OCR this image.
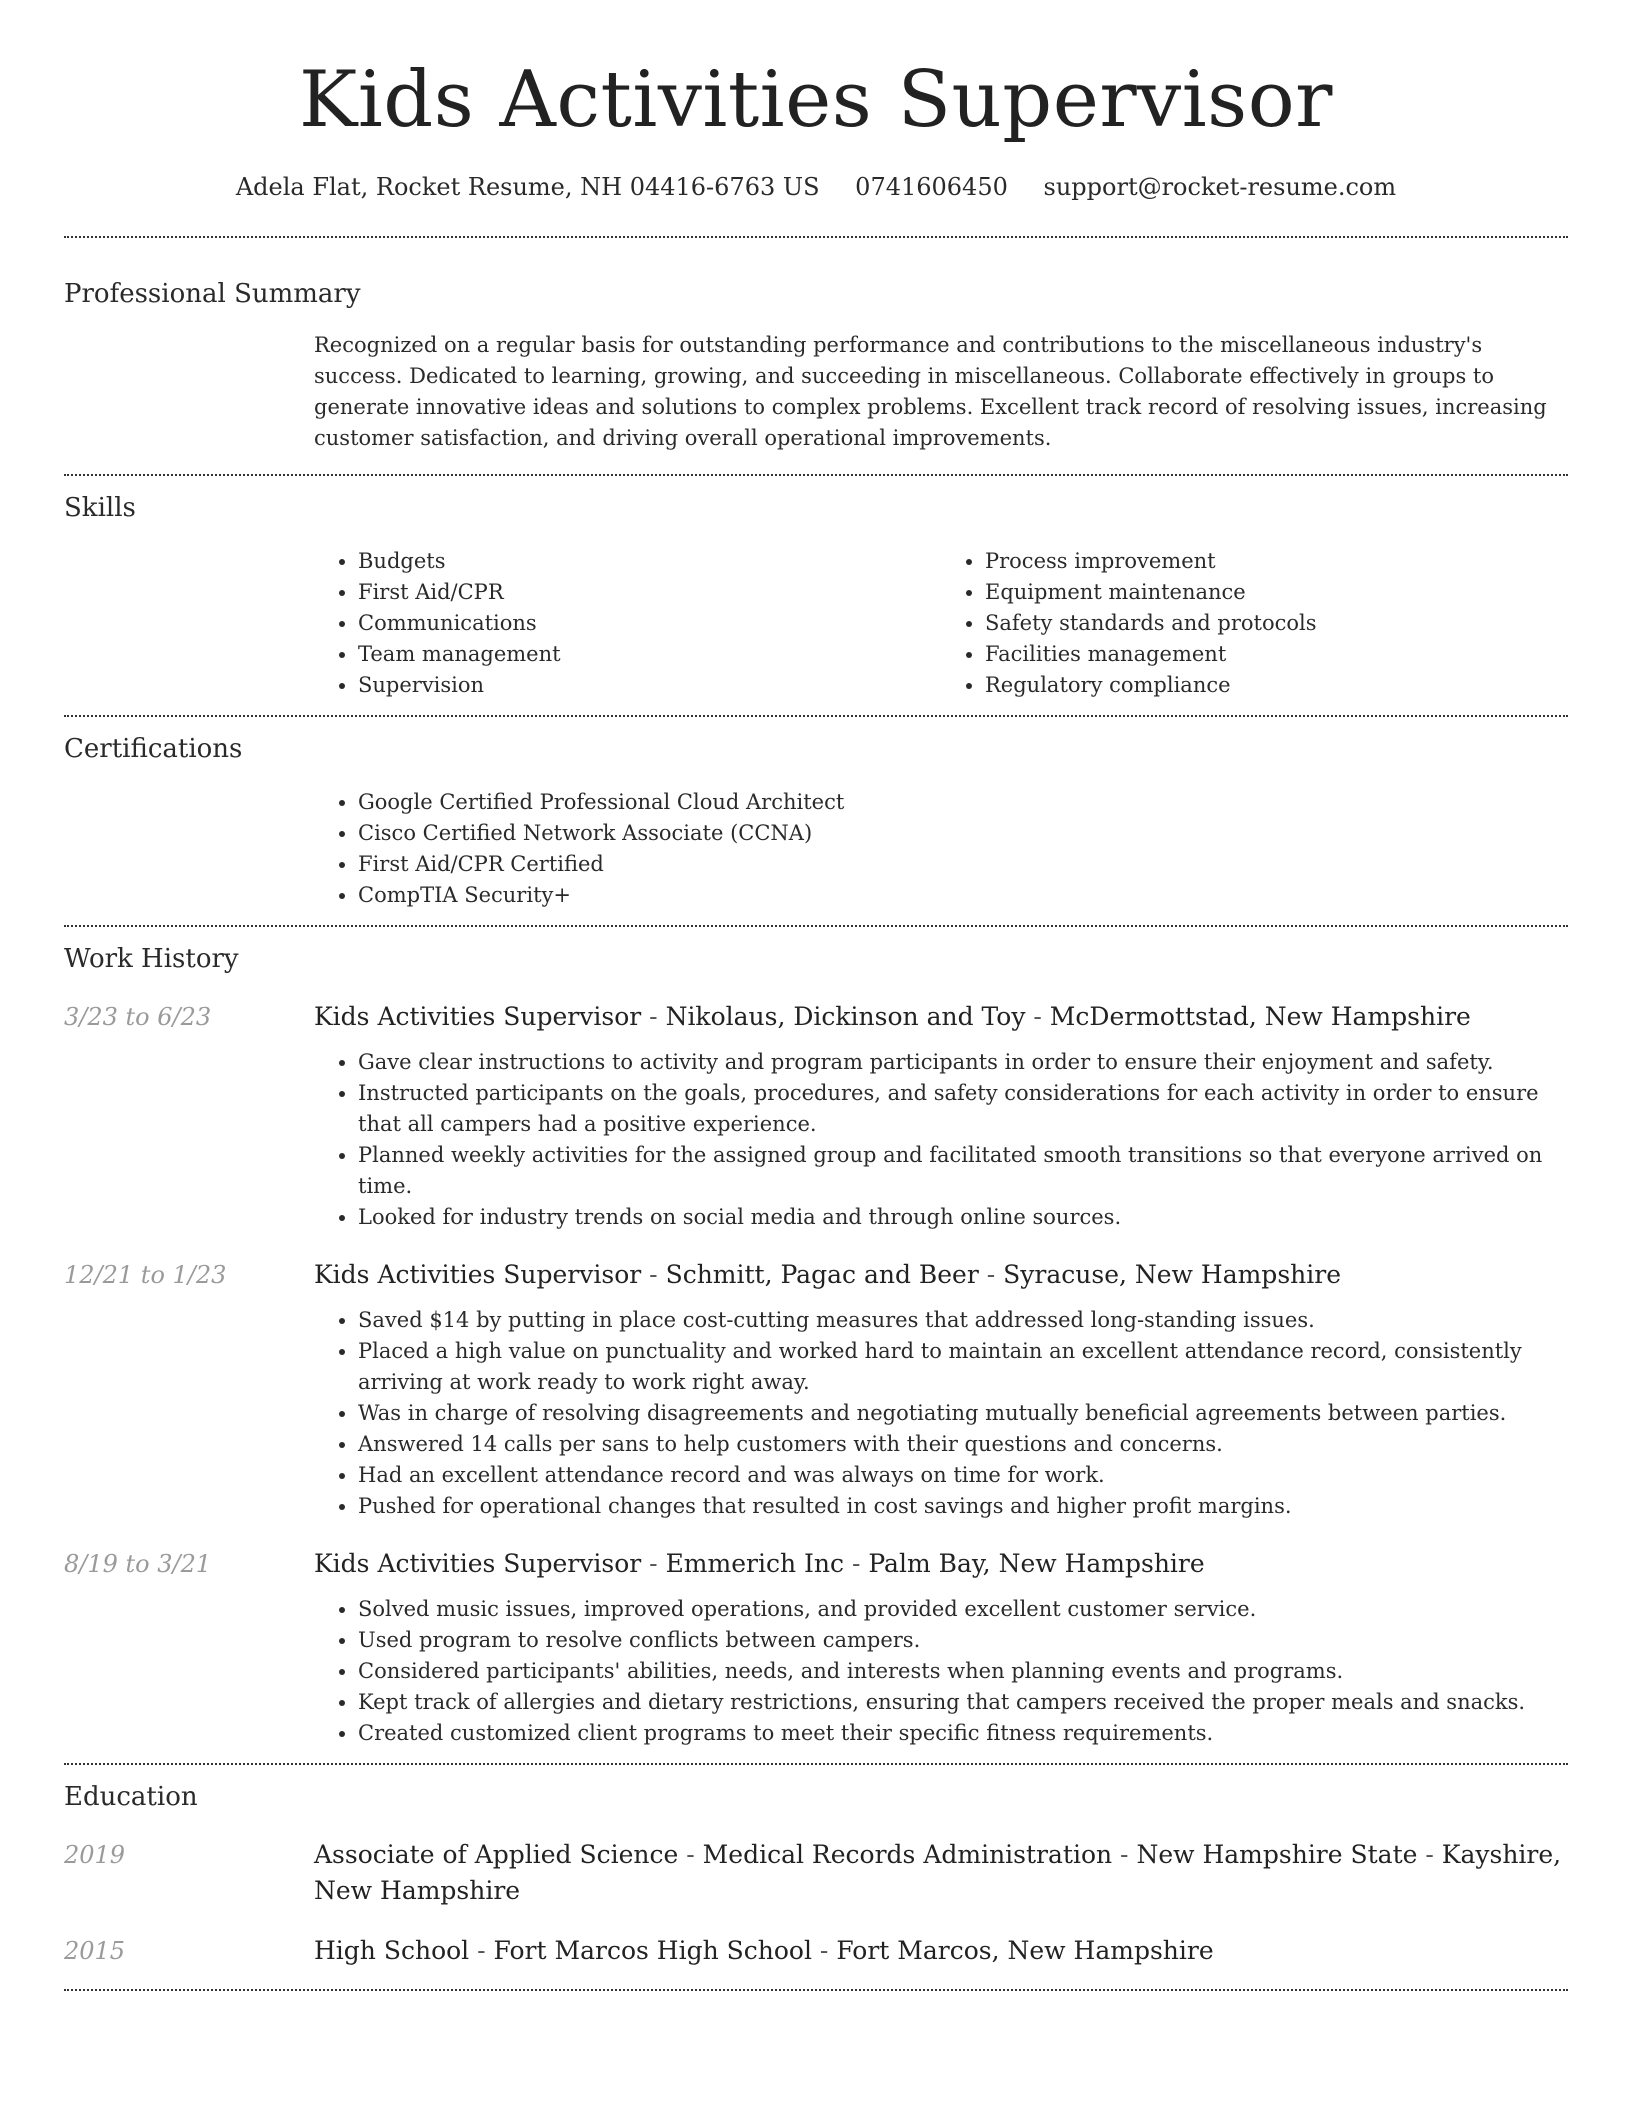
Kids Activities Supervisor
Adela Flat, Rocket Resume, NH 04416-6763 US 0741606450 support@rocket-resume.com
Professional Summary
Recognized on a regular basis for outstanding performance and contributions to the miscellaneous industry's success. Dedicated to learning, growing, and succeeding in miscellaneous. Collaborate effectively in groups to generate innovative ideas and solutions to complex problems. Excellent track record of resolving issues, increasing customer satisfaction, and driving overall operational improvements.
Skills
• Budgets
• First Aid/CPR
• Communications
• Team management
• Supervision
• Process improvement
• Equipment maintenance
• Safety standards and protocols
• Facilities management
• Regulatory compliance
Certifications
• Google Certified Professional Cloud Architect
• Cisco Certified Network Associate (CCNA)
• First Aid/CPR Certified
• CompTIA Security+
Work History
3/23 to 6/23	Kids Activities Supervisor - Nikolaus, Dickinson and Toy - McDermottstad, New Hampshire
• Gave clear instructions to activity and program participants in order to ensure their enjoyment and safety.
• Instructed participants on the goals, procedures, and safety considerations for each activity in order to ensure that all campers had a positive experience.
• Planned weekly activities for the assigned group and facilitated smooth transitions so that everyone arrived on time.
• Looked for industry trends on social media and through online sources.
12/21 to 1/23	Kids Activities Supervisor - Schmitt, Pagac and Beer - Syracuse, New Hampshire
• Saved $14 by putting in place cost-cutting measures that addressed long-standing issues.
• Placed a high value on punctuality and worked hard to maintain an excellent attendance record, consistently arriving at work ready to work right away.
• Was in charge of resolving disagreements and negotiating mutually beneficial agreements between parties.
• Answered 14 calls per sans to help customers with their questions and concerns.
• Had an excellent attendance record and was always on time for work.
• Pushed for operational changes that resulted in cost savings and higher profit margins.
8/19 to 3/21	Kids Activities Supervisor - Emmerich Inc - Palm Bay, New Hampshire
• Solved music issues, improved operations, and provided excellent customer service.
• Used program to resolve conflicts between campers.
• Considered participants' abilities, needs, and interests when planning events and programs.
• Kept track of allergies and dietary restrictions, ensuring that campers received the proper meals and snacks.
• Created customized client programs to meet their specific fitness requirements.
Education
2019	Associate of Applied Science - Medical Records Administration - New Hampshire State - Kayshire, New Hampshire
2015	High School - Fort Marcos High School - Fort Marcos, New Hampshire
